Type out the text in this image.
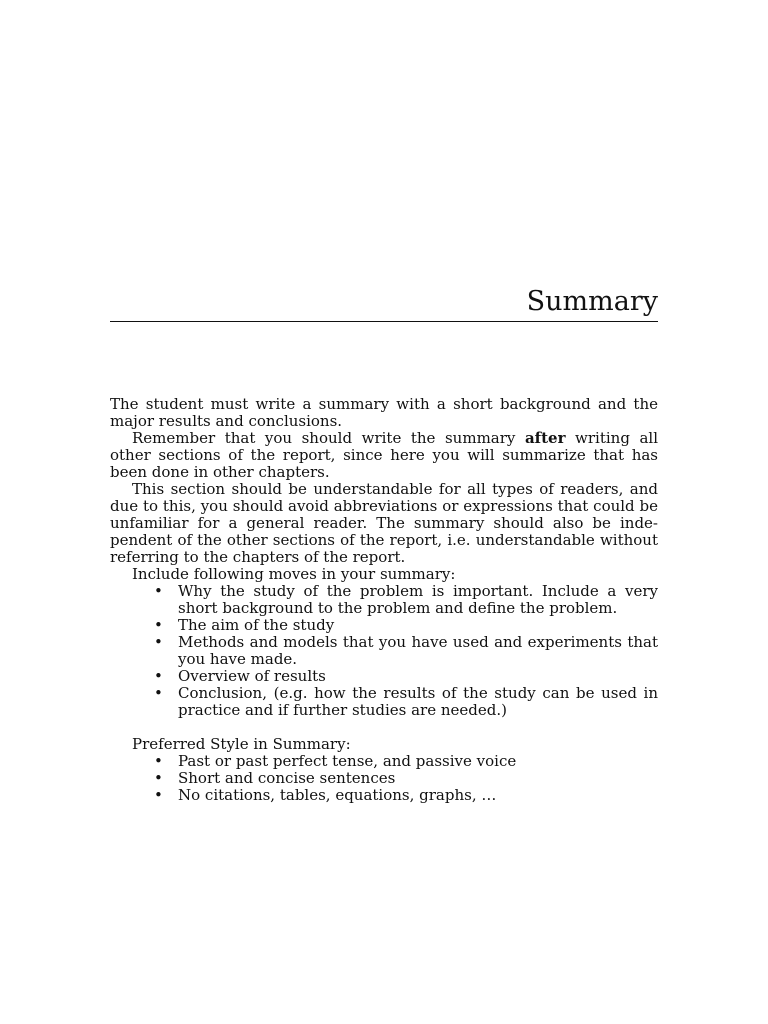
Summary

The student must write a summary with a short background and the major results and conclusions.

Remember that you should write the summary after writing all other sections of the report, since here you will summarize that has been done in other chapters.

This section should be understandable for all types of readers, and due to this, you should avoid abbreviations or expressions that could be unfamiliar for a general reader. The summary should also be inde-pendent of the other sections of the report, i.e. understandable without referring to the chapters of the report.

Include following moves in your summary:

• Why the study of the problem is important. Include a very short background to the problem and define the problem.
• The aim of the study
• Methods and models that you have used and experiments that you have made.
• Overview of results
• Conclusion, (e.g. how the results of the study can be used in practice and if further studies are needed.)

Preferred Style in Summary:

• Past or past perfect tense, and passive voice
• Short and concise sentences
• No citations, tables, equations, graphs, …
